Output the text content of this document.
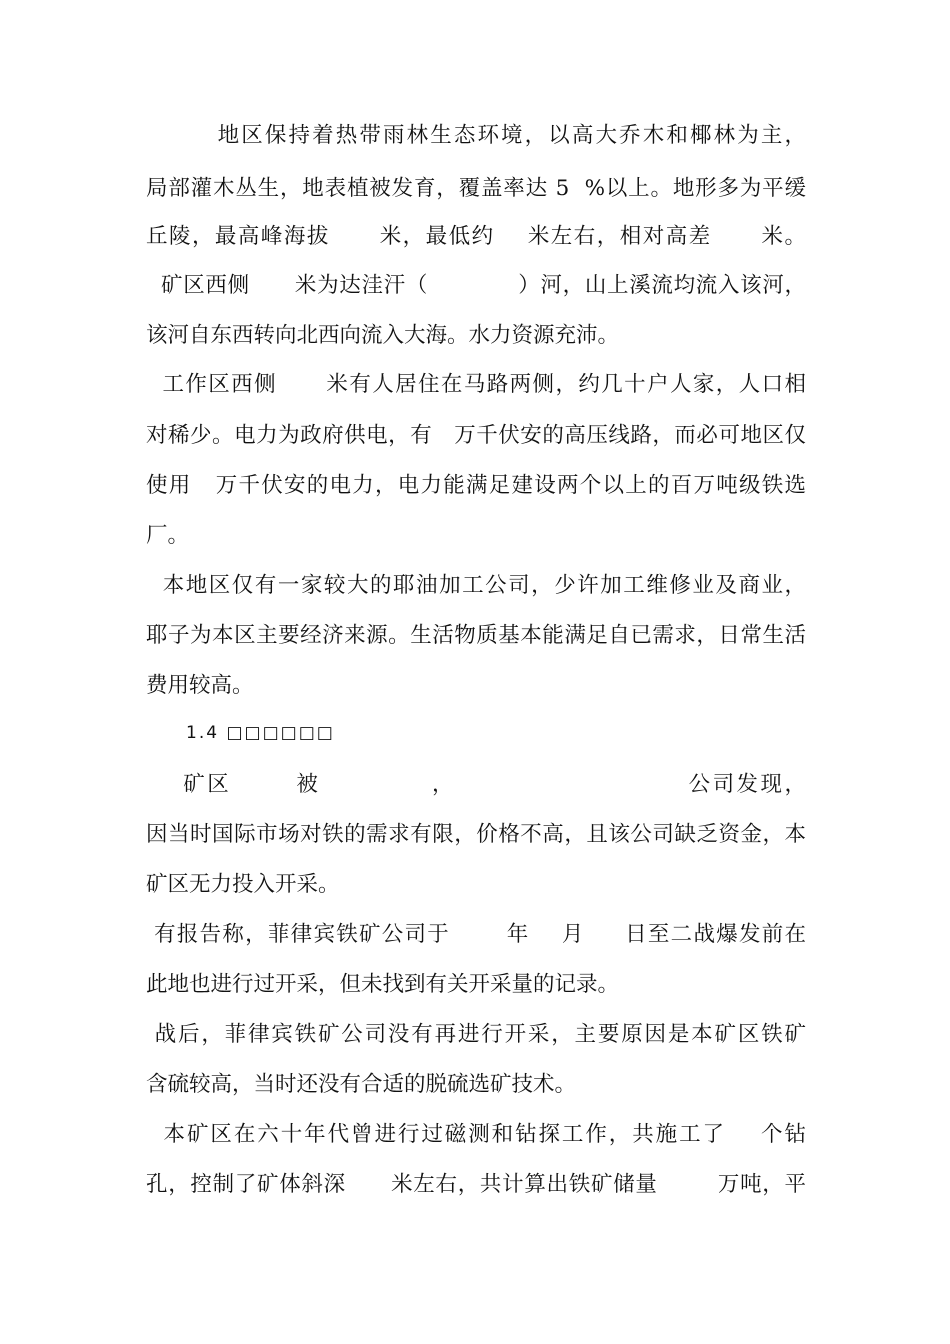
地区保持着热带雨林生态环境，以高大乔木和椰林为主，
局部灌木丛生，地表植被发育，覆盖率达 5  %以上。地形多为平缓
丘陵，最高峰海拔      米，最低约    米左右，相对高差      米。
矿区西侧      米为达洼汗（            ）河，山上溪流均流入该河，
该河自东西转向北西向流入大海。水力资源充沛。
工作区西侧      米有人居住在马路两侧，约几十户人家，人口相
对稀少。电力为政府供电，有   万千伏安的高压线路，而必可地区仅
使用   万千伏安的电力，电力能满足建设两个以上的百万吨级铁选
厂。
本地区仅有一家较大的耶油加工公司，少许加工维修业及商业，
耶子为本区主要经济来源。生活物质基本能满足自已需求，日常生活
费用较高。
1.4 □□□□□□
矿区       被            ，                         公司发现，
因当时国际市场对铁的需求有限，价格不高，且该公司缺乏资金，本
矿区无力投入开采。
有报告称，菲律宾铁矿公司于       年    月     日至二战爆发前在
此地也进行过开采，但未找到有关开采量的记录。
战后，菲律宾铁矿公司没有再进行开采，主要原因是本矿区铁矿
含硫较高，当时还没有合适的脱硫选矿技术。
本矿区在六十年代曾进行过磁测和钻探工作，共施工了    个钻
孔，控制了矿体斜深      米左右，共计算出铁矿储量        万吨，平
